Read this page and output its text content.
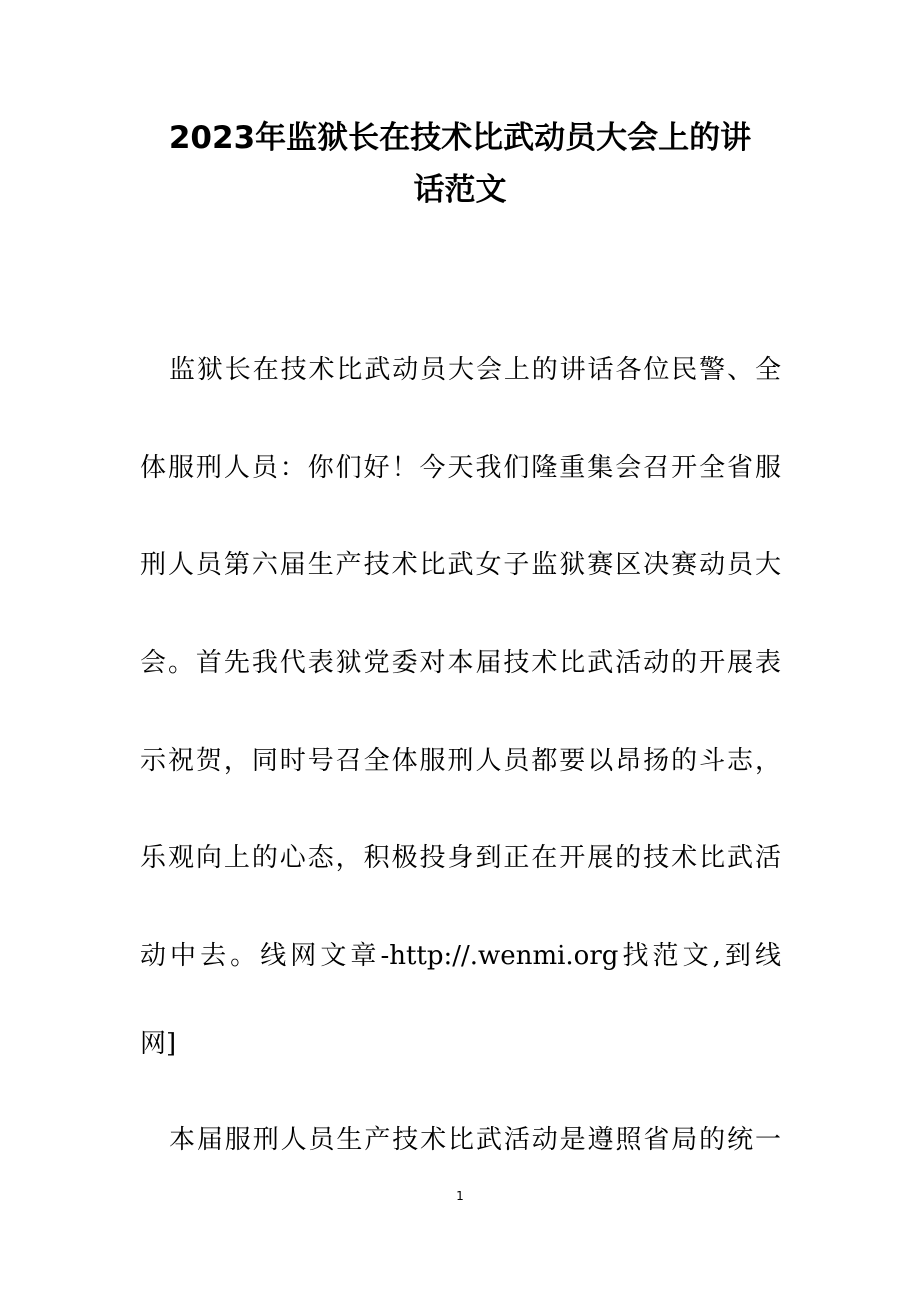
2023年监狱长在技术比武动员大会上的讲
话范文
监狱长在技术比武动员大会上的讲话各位民警、全
体服刑人员：你们好！今天我们隆重集会召开全省服
刑人员第六届生产技术比武女子监狱赛区决赛动员大
会。首先我代表狱党委对本届技术比武活动的开展表
示祝贺，同时号召全体服刑人员都要以昂扬的斗志，
乐观向上的心态，积极投身到正在开展的技术比武活
动中去。线网文章-http://.wenmi.org找范文,到线
网]
本届服刑人员生产技术比武活动是遵照省局的统一
1
